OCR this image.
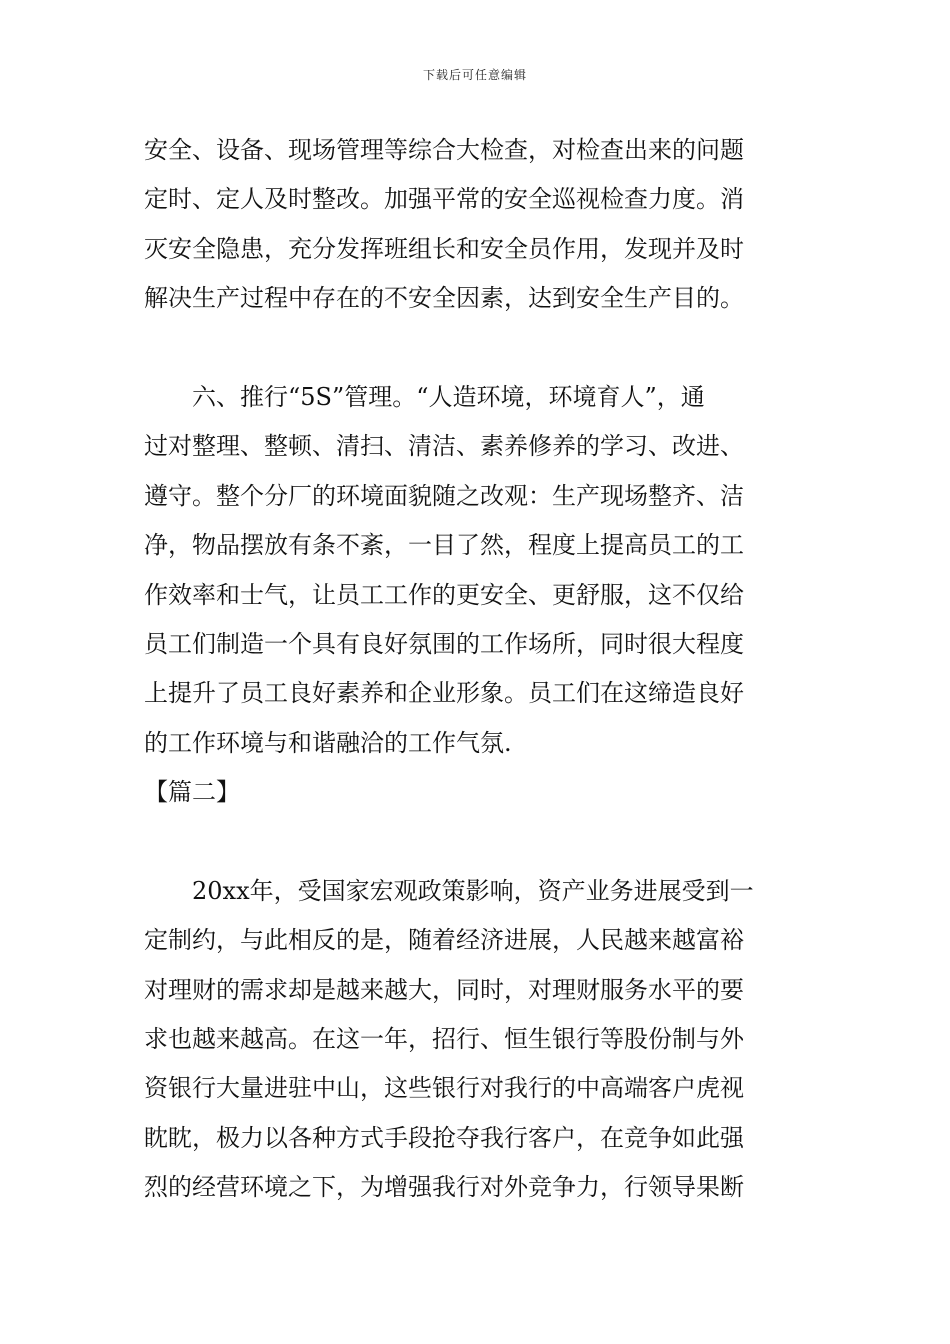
下载后可任意编辑
安全、设备、现场管理等综合大检查，对检查出来的问题
定时、定人及时整改。加强平常的安全巡视检查力度。消
灭安全隐患，充分发挥班组长和安全员作用，发现并及时
解决生产过程中存在的不安全因素，达到安全生产目的。
　　六、推行“5S”管理。“人造环境，环境育人”，通
过对整理、整顿、清扫、清洁、素养修养的学习、改进、
遵守。整个分厂的环境面貌随之改观：生产现场整齐、洁
净，物品摆放有条不紊，一目了然，程度上提高员工的工
作效率和士气，让员工工作的更安全、更舒服，这不仅给
员工们制造一个具有良好氛围的工作场所，同时很大程度
上提升了员工良好素养和企业形象。员工们在这缔造良好
的工作环境与和谐融洽的工作气氛.
【篇二】
　　20xx年，受国家宏观政策影响，资产业务进展受到一
定制约，与此相反的是，随着经济进展，人民越来越富裕
对理财的需求却是越来越大，同时，对理财服务水平的要
求也越来越高。在这一年，招行、恒生银行等股份制与外
资银行大量进驻中山，这些银行对我行的中高端客户虎视
眈眈，极力以各种方式手段抢夺我行客户，在竞争如此强
烈的经营环境之下，为增强我行对外竞争力，行领导果断
